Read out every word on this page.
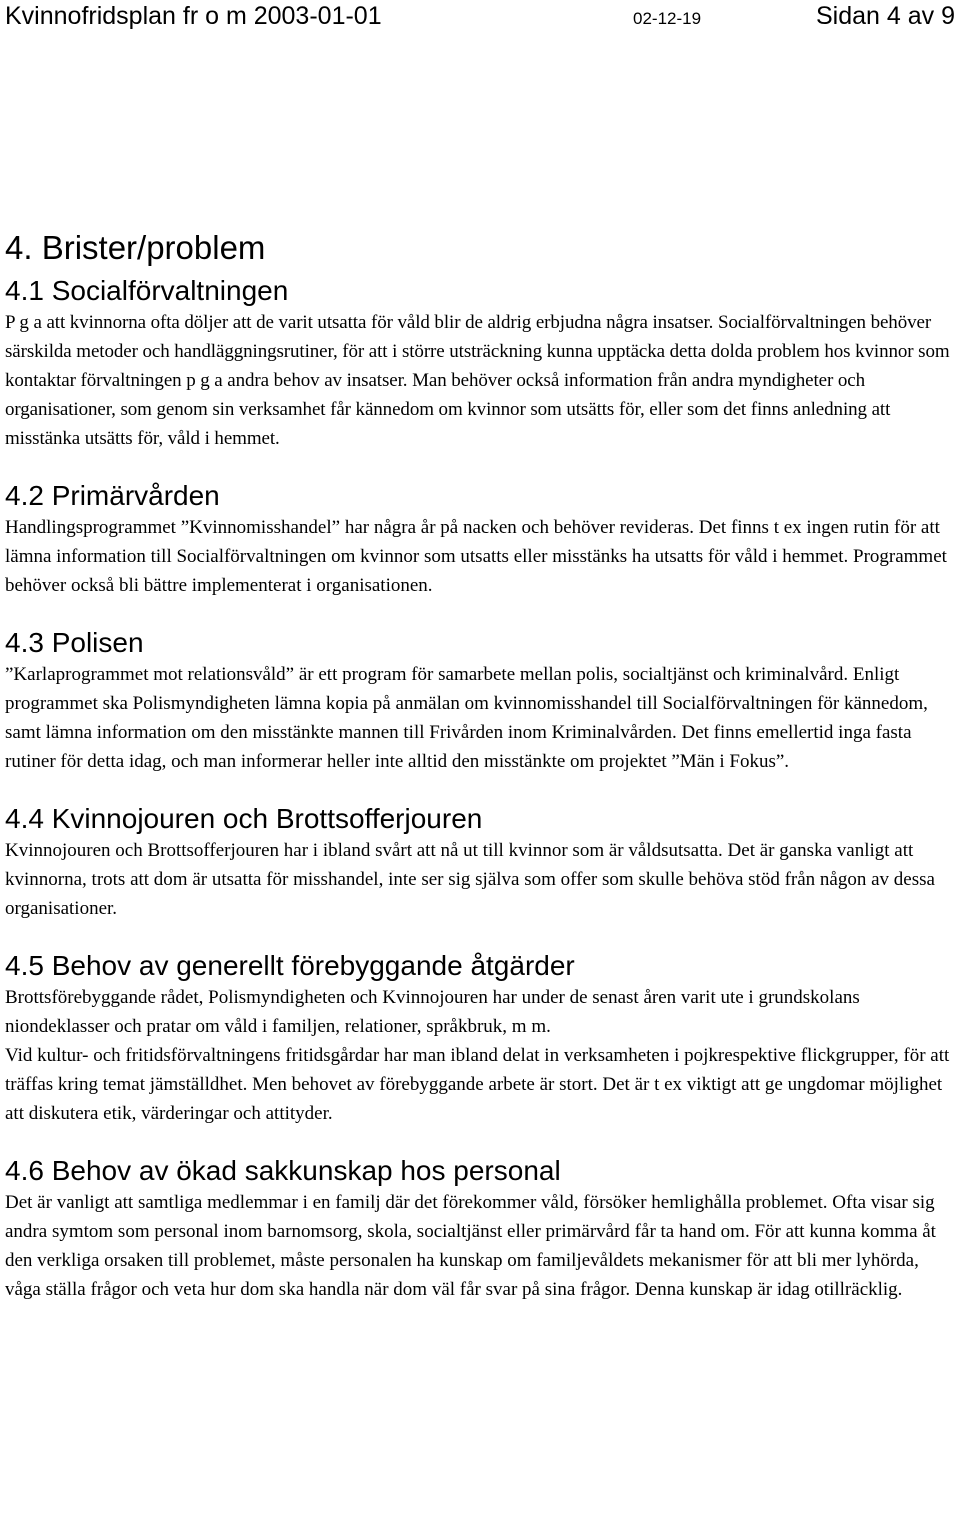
Kvinnofridsplan fr o m 2003-01-01	02-12-19	Sidan 4 av 9
4. Brister/problem
4.1 Socialförvaltningen

P g a att kvinnorna ofta döljer att de varit utsatta för våld blir de aldrig erbjudna några insatser. Socialförvaltningen behöver särskilda metoder och handläggningsrutiner, för att i större utsträckning kunna upptäcka detta dolda problem hos kvinnor som kontaktar förvaltningen p g a andra behov av insatser. Man behöver också information från andra myndigheter och organisationer, som genom sin verksamhet får kännedom om kvinnor som utsätts för, eller som det finns anledning att misstänka utsätts för, våld i hemmet.

4.2 Primärvården

Handlingsprogrammet ”Kvinnomisshandel” har några år på nacken och behöver revideras. Det finns t ex ingen rutin för att lämna information till Socialförvaltningen om kvinnor som utsatts eller misstänks ha utsatts för våld i hemmet. Programmet behöver också bli bättre implementerat i organisationen.

4.3 Polisen

”Karlaprogrammet mot relationsvåld” är ett program för samarbete mellan polis, socialtjänst och kriminalvård. Enligt programmet ska Polismyndigheten lämna kopia på anmälan om kvinnomisshandel till Socialförvaltningen för kännedom, samt lämna information om den misstänkte mannen till Frivården inom Kriminalvården. Det finns emellertid inga fasta rutiner för detta idag, och man informerar heller inte alltid den misstänkte om projektet ”Män i Fokus”.

4.4 Kvinnojouren och Brottsofferjouren

Kvinnojouren och Brottsofferjouren har i ibland svårt att nå ut till kvinnor som är våldsutsatta. Det är ganska vanligt att kvinnorna, trots att dom är utsatta för misshandel, inte ser sig själva som offer som skulle behöva stöd från någon av dessa organisationer.

4.5 Behov av generellt förebyggande åtgärder

Brottsförebyggande rådet, Polismyndigheten och Kvinnojouren har under de senast åren varit ute i grundskolans niondeklasser och pratar om våld i familjen, relationer, språkbruk, m m.

Vid kultur- och fritidsförvaltningens fritidsgårdar har man ibland delat in verksamheten i pojkrespektive flickgrupper, för att träffas kring temat jämställdhet. Men behovet av förebyggande arbete är stort. Det är t ex viktigt att ge ungdomar möjlighet att diskutera etik, värderingar och attityder.

4.6 Behov av ökad sakkunskap hos personal

Det är vanligt att samtliga medlemmar i en familj där det förekommer våld, försöker hemlighålla problemet. Ofta visar sig andra symtom som personal inom barnomsorg, skola, socialtjänst eller primärvård får ta hand om. För att kunna komma åt den verkliga orsaken till problemet, måste personalen ha kunskap om familjevåldets mekanismer för att bli mer lyhörda, våga ställa frågor och veta hur dom ska handla när dom väl får svar på sina frågor. Denna kunskap är idag otillräcklig.
